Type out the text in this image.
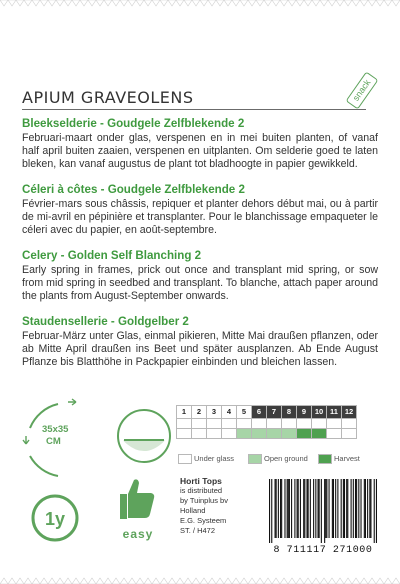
APIUM GRAVEOLENS	snack
Bleekselderie - Goudgele Zelfblekende 2

Februari-maart onder glas, verspenen en in mei buiten planten, of vanaf half april buiten zaaien, verspenen en uitplanten. Om selderie goed te laten bleken, kan vanaf augustus de plant tot bladhoogte in papier gewikkeld.

Céleri à côtes - Goudgele Zelfblekende 2

Février-mars sous châssis, repiquer et planter dehors début mai, ou à partir de mi-avril en pépinière et transplanter. Pour le blanchissage empaqueter le céleri avec du papier, en août-septembre.

Celery - Golden Self Blanching 2

Early spring in frames, prick out once and transplant mid spring, or sow from mid spring in seedbed and transplant. To blanche, attach paper around the plants from August-September onwards.

Staudensellerie - Goldgelber 2

Februar-März unter Glas, einmal pikieren, Mitte Mai draußen pflanzen, oder ab Mitte April draußen ins Beet und später ausplanzen. Ab Ende August Pflanze bis Blatthöhe in Packpapier einbinden und bleichen lassen.

35x35
CM
1y
easy
1	2	3	4	5	6	7	8	9	10	11	12

Under glass	Open ground	Harvest
Horti Tops
is distributed
by Tuinplus bv
Holland
E.G. Systeem
ST. / H472
8 711117 271000
